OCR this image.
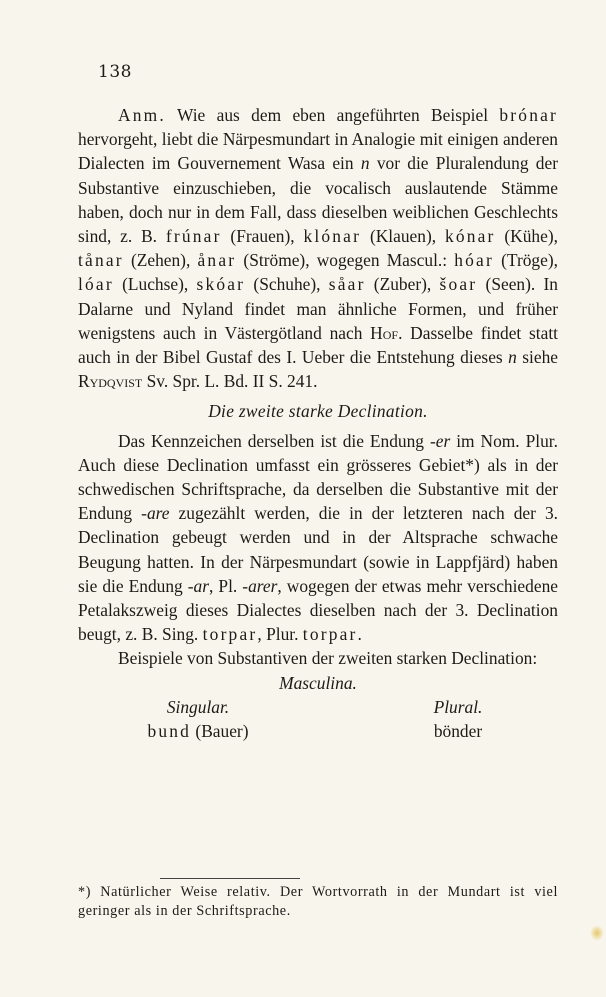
138

Anm. Wie aus dem eben angeführten Beispiel brónar hervorgeht, liebt die Närpesmundart in Analogie mit einigen anderen Dialecten im Gouvernement Wasa ein n vor die Pluralendung der Substantive einzuschieben, die vocalisch auslautende Stämme haben, doch nur in dem Fall, dass dieselben weiblichen Geschlechts sind, z. B. frúnar (Frauen), klónar (Klauen), kónar (Kühe), tånar (Zehen), ånar (Ströme), wogegen Mascul.: hóar (Tröge), lóar (Luchse), skóar (Schuhe), såar (Zuber), šoar (Seen). In Dalarne und Nyland findet man ähnliche Formen, und früher wenigstens auch in Västergötland nach Hof. Dasselbe findet statt auch in der Bibel Gustaf des I. Ueber die Entstehung dieses n siehe Rydqvist Sv. Spr. L. Bd. II S. 241.

Die zweite starke Declination.

Das Kennzeichen derselben ist die Endung -er im Nom. Plur. Auch diese Declination umfasst ein grösseres Gebiet*) als in der schwedischen Schriftsprache, da derselben die Substantive mit der Endung -are zugezählt werden, die in der letzteren nach der 3. Declination gebeugt werden und in der Altsprache schwache Beugung hatten. In der Närpesmundart (sowie in Lappfjärd) haben sie die Endung -ar, Pl. -arer, wogegen der etwas mehr verschiedene Petalakszweig dieses Dialectes dieselben nach der 3. Declination beugt, z. B. Sing. torpar, Plur. torpar.

Beispiele von Substantiven der zweiten starken Declination:

Masculina.
Singular.	Plural.
bund (Bauer)	bönder
*) Natürlicher Weise relativ. Der Wortvorrath in der Mundart ist viel geringer als in der Schriftsprache.
